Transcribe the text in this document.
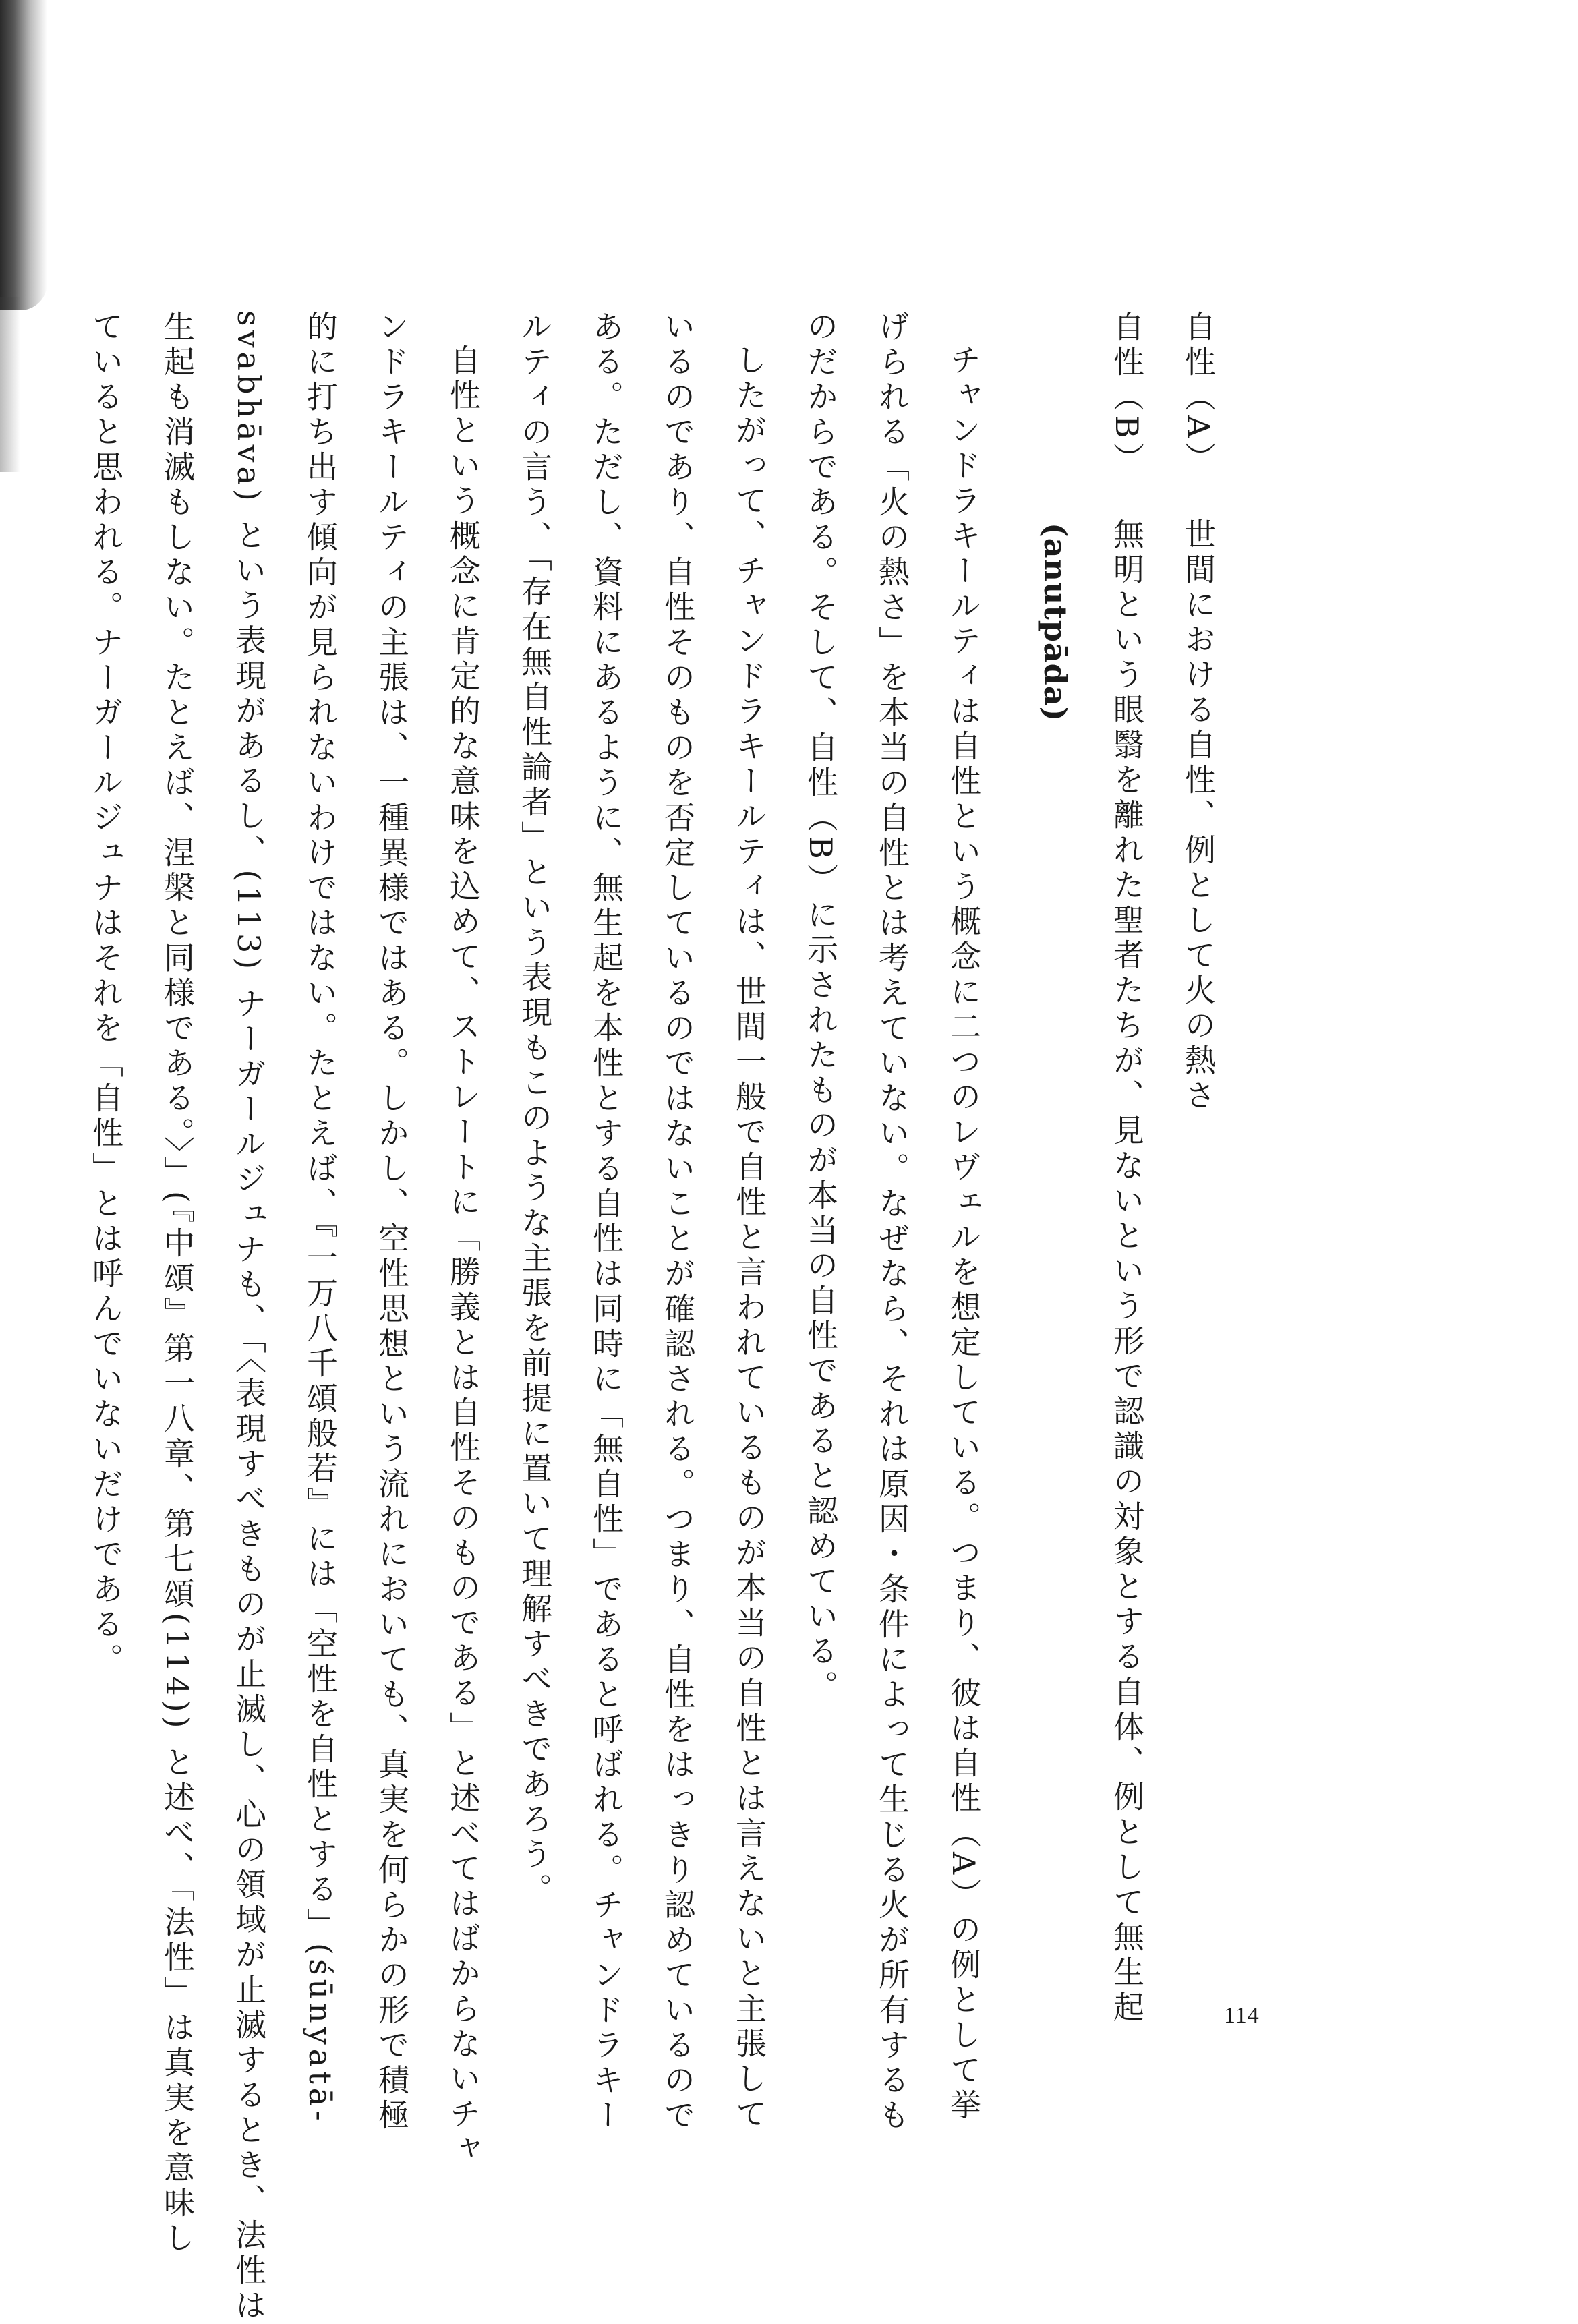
自性（A） 世間における自性、例として火の熱さ
自性（B） 無明という眼翳を離れた聖者たちが、見ないという形で認識の対象とする自体、例として無生起
(anutpāda)
チャンドラキールティは自性という概念に二つのレヴェルを想定している。つまり、彼は自性（A）の例として挙
げられる「火の熱さ」を本当の自性とは考えていない。なぜなら、それは原因・条件によって生じる火が所有するも
のだからである。そして、自性（B）に示されたものが本当の自性であると認めている。
したがって、チャンドラキールティは、世間一般で自性と言われているものが本当の自性とは言えないと主張して
いるのであり、自性そのものを否定しているのではないことが確認される。つまり、自性をはっきり認めているので
ある。ただし、資料にあるように、無生起を本性とする自性は同時に「無自性」であると呼ばれる。チャンドラキー
ルティの言う、「存在無自性論者」という表現もこのような主張を前提に置いて理解すべきであろう。
自性という概念に肯定的な意味を込めて、ストレートに「勝義とは自性そのものである」と述べてはばからないチャ
ンドラキールティの主張は、一種異様ではある。しかし、空性思想という流れにおいても、真実を何らかの形で積極
的に打ち出す傾向が見られないわけではない。たとえば、『一万八千頌般若』には「空性を自性とする」(śūnyatā-
svabhāva) という表現があるし、(113) ナーガールジュナも、「〈表現すべきものが止滅し、心の領域が止滅するとき、法性は
生起も消滅もしない。たとえば、涅槃と同様である。〉」(『中頌』第一八章、第七頌(114)) と述べ、「法性」は真実を意味し
ていると思われる。ナーガールジュナはそれを「自性」とは呼んでいないだけである。
114
